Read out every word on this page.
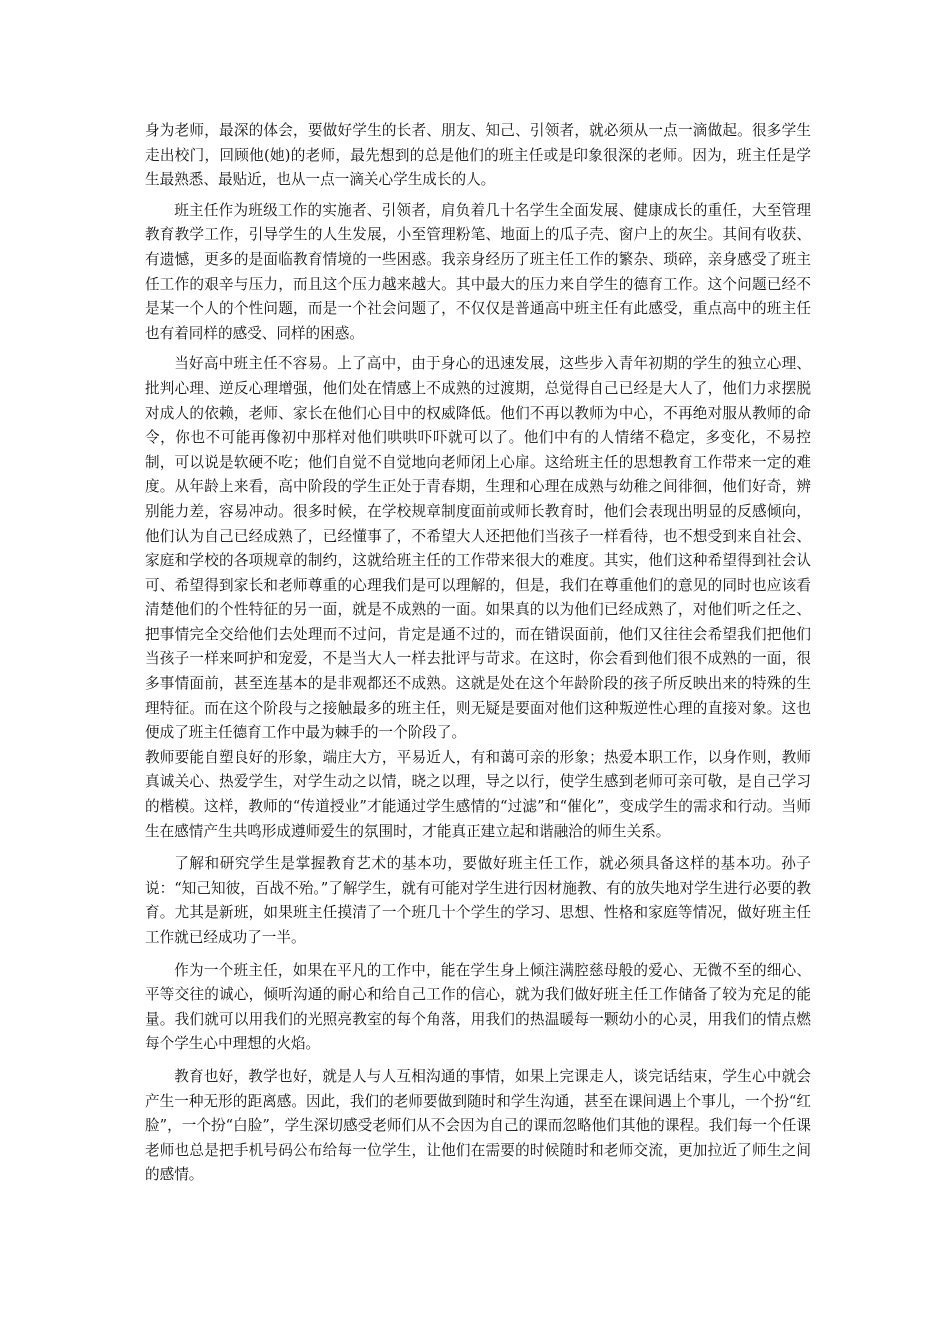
身为老师，最深的体会，要做好学生的长者、朋友、知己、引领者，就必须从一点一滴做起。很多学生走出校门，回顾他(她)的老师，最先想到的总是他们的班主任或是印象很深的老师。因为，班主任是学生最熟悉、最贴近，也从一点一滴关心学生成长的人。

班主任作为班级工作的实施者、引领者，肩负着几十名学生全面发展、健康成长的重任，大至管理教育教学工作，引导学生的人生发展，小至管理粉笔、地面上的瓜子壳、窗户上的灰尘。其间有收获、有遗憾，更多的是面临教育情境的一些困惑。我亲身经历了班主任工作的繁杂、琐碎，亲身感受了班主任工作的艰辛与压力，而且这个压力越来越大。其中最大的压力来自学生的德育工作。这个问题已经不是某一个人的个性问题，而是一个社会问题了，不仅仅是普通高中班主任有此感受，重点高中的班主任也有着同样的感受、同样的困惑。

当好高中班主任不容易。上了高中，由于身心的迅速发展，这些步入青年初期的学生的独立心理、批判心理、逆反心理增强，他们处在情感上不成熟的过渡期，总觉得自己已经是大人了，他们力求摆脱对成人的依赖，老师、家长在他们心目中的权威降低。他们不再以教师为中心，不再绝对服从教师的命令，你也不可能再像初中那样对他们哄哄吓吓就可以了。他们中有的人情绪不稳定，多变化，不易控制，可以说是软硬不吃；他们自觉不自觉地向老师闭上心扉。这给班主任的思想教育工作带来一定的难度。从年龄上来看，高中阶段的学生正处于青春期，生理和心理在成熟与幼稚之间徘徊，他们好奇，辨别能力差，容易冲动。很多时候，在学校规章制度面前或师长教育时，他们会表现出明显的反感倾向，他们认为自己已经成熟了，已经懂事了，不希望大人还把他们当孩子一样看待，也不想受到来自社会、家庭和学校的各项规章的制约，这就给班主任的工作带来很大的难度。其实，他们这种希望得到社会认可、希望得到家长和老师尊重的心理我们是可以理解的，但是，我们在尊重他们的意见的同时也应该看清楚他们的个性特征的另一面，就是不成熟的一面。如果真的以为他们已经成熟了，对他们听之任之、把事情完全交给他们去处理而不过问，肯定是通不过的，而在错误面前，他们又往往会希望我们把他们当孩子一样来呵护和宠爱，不是当大人一样去批评与苛求。在这时，你会看到他们很不成熟的一面，很多事情面前，甚至连基本的是非观都还不成熟。这就是处在这个年龄阶段的孩子所反映出来的特殊的生理特征。而在这个阶段与之接触最多的班主任，则无疑是要面对他们这种叛逆性心理的直接对象。这也便成了班主任德育工作中最为棘手的一个阶段了。

教师要能自塑良好的形象，端庄大方，平易近人，有和蔼可亲的形象；热爱本职工作，以身作则，教师真诚关心、热爱学生，对学生动之以情，晓之以理，导之以行，使学生感到老师可亲可敬，是自己学习的楷模。这样，教师的“传道授业”才能通过学生感情的“过滤”和“催化”，变成学生的需求和行动。当师生在感情产生共鸣形成遵师爱生的氛围时，才能真正建立起和谐融洽的师生关系。

了解和研究学生是掌握教育艺术的基本功，要做好班主任工作，就必须具备这样的基本功。孙子说：“知己知彼，百战不殆。”了解学生，就有可能对学生进行因材施教、有的放失地对学生进行必要的教育。尤其是新班，如果班主任摸清了一个班几十个学生的学习、思想、性格和家庭等情况，做好班主任工作就已经成功了一半。

作为一个班主任，如果在平凡的工作中，能在学生身上倾注满腔慈母般的爱心、无微不至的细心、平等交往的诚心，倾听沟通的耐心和给自己工作的信心，就为我们做好班主任工作储备了较为充足的能量。我们就可以用我们的光照亮教室的每个角落，用我们的热温暖每一颗幼小的心灵，用我们的情点燃每个学生心中理想的火焰。

教育也好，教学也好，就是人与人互相沟通的事情，如果上完课走人，谈完话结束，学生心中就会产生一种无形的距离感。因此，我们的老师要做到随时和学生沟通，甚至在课间遇上个事儿，一个扮“红脸”，一个扮“白脸”，学生深切感受老师们从不会因为自己的课而忽略他们其他的课程。我们每一个任课老师也总是把手机号码公布给每一位学生，让他们在需要的时候随时和老师交流，更加拉近了师生之间的感情。
